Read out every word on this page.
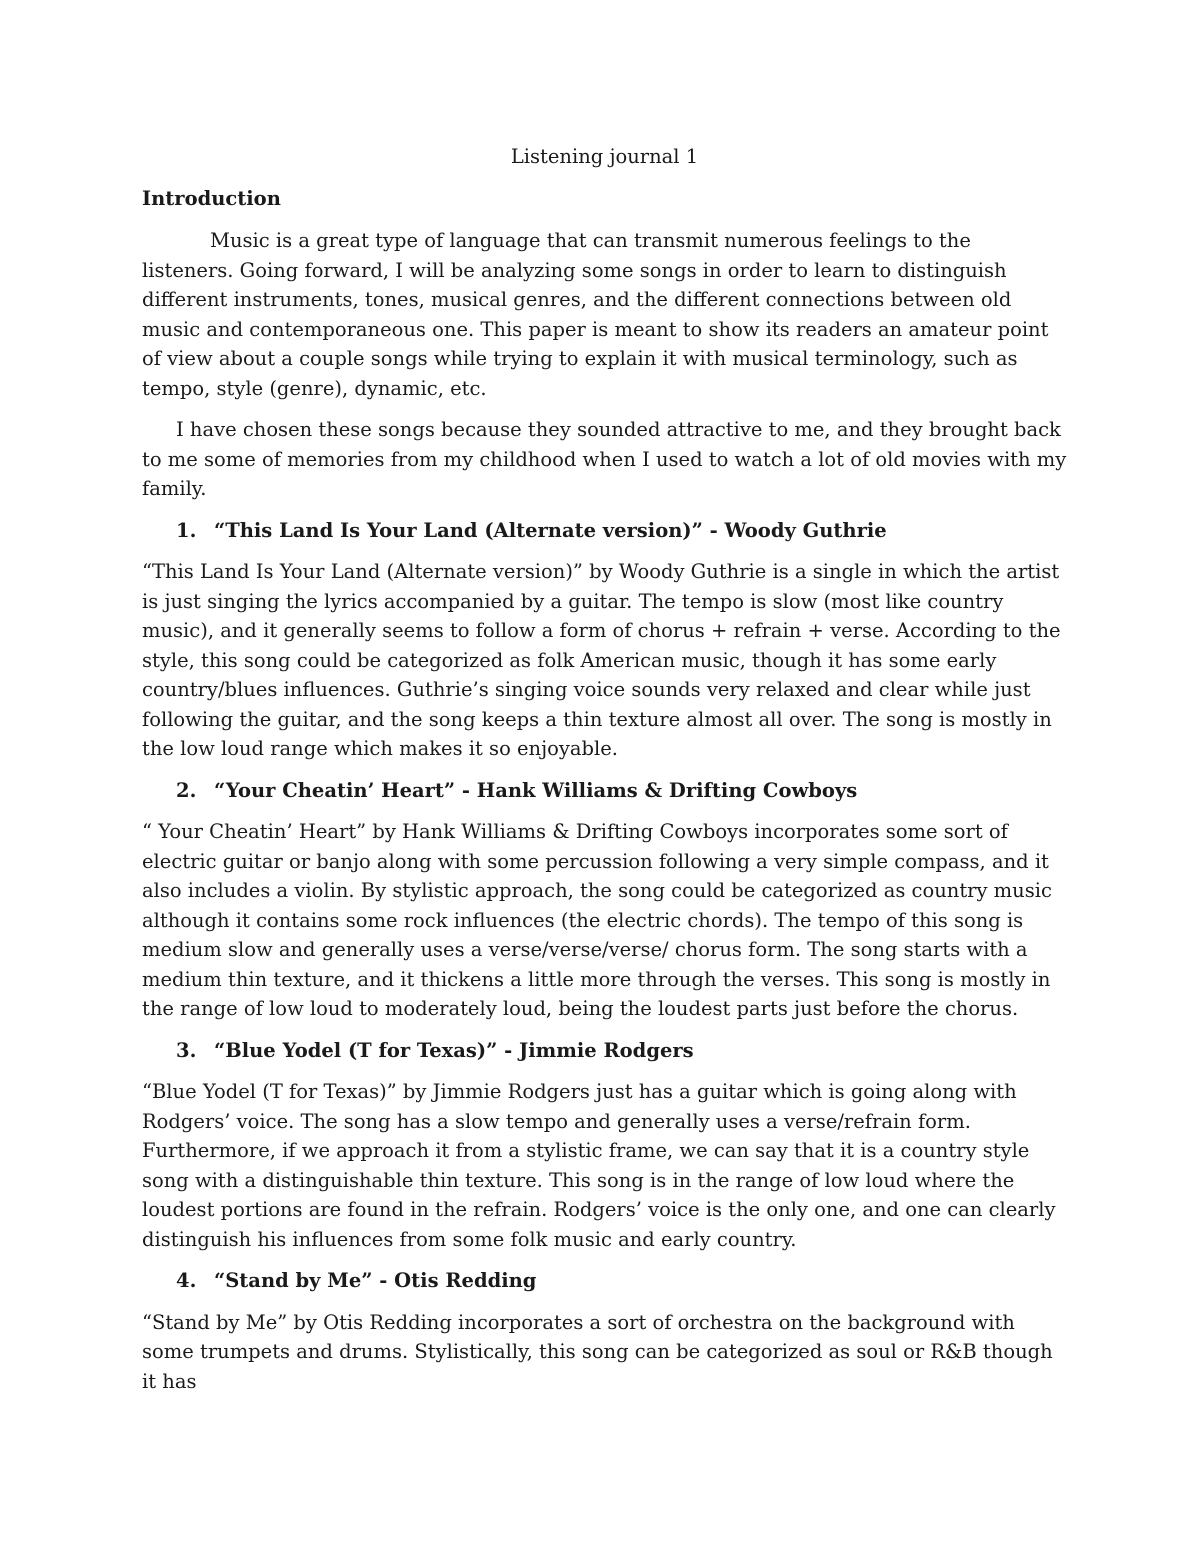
Listening journal 1
Introduction

Music is a great type of language that can transmit numerous feelings to the listeners. Going forward, I will be analyzing some songs in order to learn to distinguish different instruments, tones, musical genres, and the different connections between old music and contemporaneous one. This paper is meant to show its readers an amateur point of view about a couple songs while trying to explain it with musical terminology, such as tempo, style (genre), dynamic, etc.

I have chosen these songs because they sounded attractive to me, and they brought back to me some of memories from my childhood when I used to watch a lot of old movies with my family.

1. “This Land Is Your Land (Alternate version)” - Woody Guthrie

“This Land Is Your Land (Alternate version)” by Woody Guthrie is a single in which the artist is just singing the lyrics accompanied by a guitar. The tempo is slow (most like country music), and it generally seems to follow a form of chorus + refrain + verse. According to the style, this song could be categorized as folk American music, though it has some early country/blues influences. Guthrie’s singing voice sounds very relaxed and clear while just following the guitar, and the song keeps a thin texture almost all over. The song is mostly in the low loud range which makes it so enjoyable.

2. “Your Cheatin’ Heart” - Hank Williams & Drifting Cowboys

“ Your Cheatin’ Heart” by Hank Williams & Drifting Cowboys incorporates some sort of electric guitar or banjo along with some percussion following a very simple compass, and it also includes a violin. By stylistic approach, the song could be categorized as country music although it contains some rock influences (the electric chords). The tempo of this song is medium slow and generally uses a verse/verse/verse/ chorus form. The song starts with a medium thin texture, and it thickens a little more through the verses. This song is mostly in the range of low loud to moderately loud, being the loudest parts just before the chorus.

3. “Blue Yodel (T for Texas)” - Jimmie Rodgers

“Blue Yodel (T for Texas)” by Jimmie Rodgers just has a guitar which is going along with Rodgers’ voice. The song has a slow tempo and generally uses a verse/refrain form. Furthermore, if we approach it from a stylistic frame, we can say that it is a country style song with a distinguishable thin texture. This song is in the range of low loud where the loudest portions are found in the refrain. Rodgers’ voice is the only one, and one can clearly distinguish his influences from some folk music and early country.

4. “Stand by Me” - Otis Redding

“Stand by Me” by Otis Redding incorporates a sort of orchestra on the background with some trumpets and drums. Stylistically, this song can be categorized as soul or R&B though it has
